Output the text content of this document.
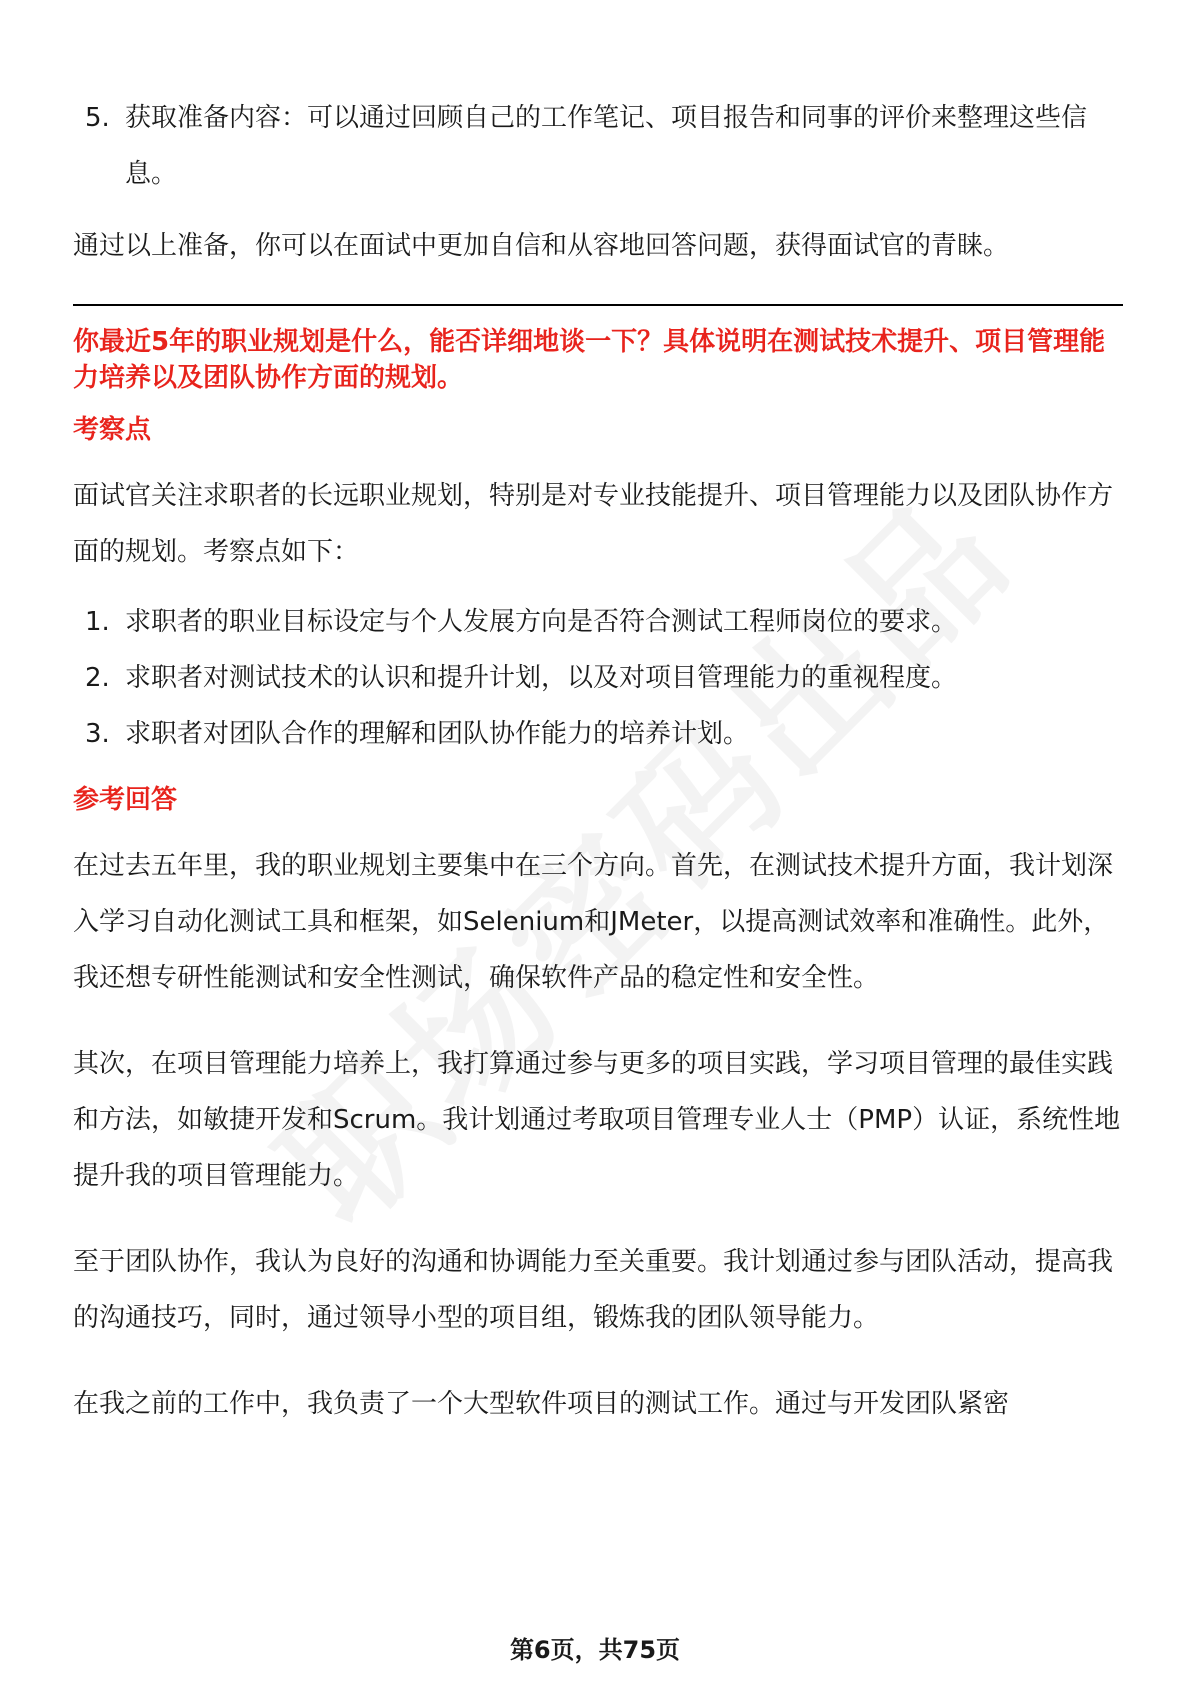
5. 获取准备内容：可以通过回顾自己的工作笔记、项目报告和同事的评价来整理这些信息。

通过以上准备，你可以在面试中更加自信和从容地回答问题，获得面试官的青睐。

你最近5年的职业规划是什么，能否详细地谈一下？具体说明在测试技术提升、项目管理能力培养以及团队协作方面的规划。

考察点

面试官关注求职者的长远职业规划，特别是对专业技能提升、项目管理能力以及团队协作方面的规划。考察点如下：

1. 求职者的职业目标设定与个人发展方向是否符合测试工程师岗位的要求。
2. 求职者对测试技术的认识和提升计划，以及对项目管理能力的重视程度。
3. 求职者对团队合作的理解和团队协作能力的培养计划。

参考回答

在过去五年里，我的职业规划主要集中在三个方向。首先，在测试技术提升方面，我计划深入学习自动化测试工具和框架，如Selenium和JMeter，以提高测试效率和准确性。此外，我还想专研性能测试和安全性测试，确保软件产品的稳定性和安全性。

其次，在项目管理能力培养上，我打算通过参与更多的项目实践，学习项目管理的最佳实践和方法，如敏捷开发和Scrum。我计划通过考取项目管理专业人士（PMP）认证，系统性地提升我的项目管理能力。

至于团队协作，我认为良好的沟通和协调能力至关重要。我计划通过参与团队活动，提高我的沟通技巧，同时，通过领导小型的项目组，锻炼我的团队领导能力。

在我之前的工作中，我负责了一个大型软件项目的测试工作。通过与开发团队紧密

第6页，共75页
